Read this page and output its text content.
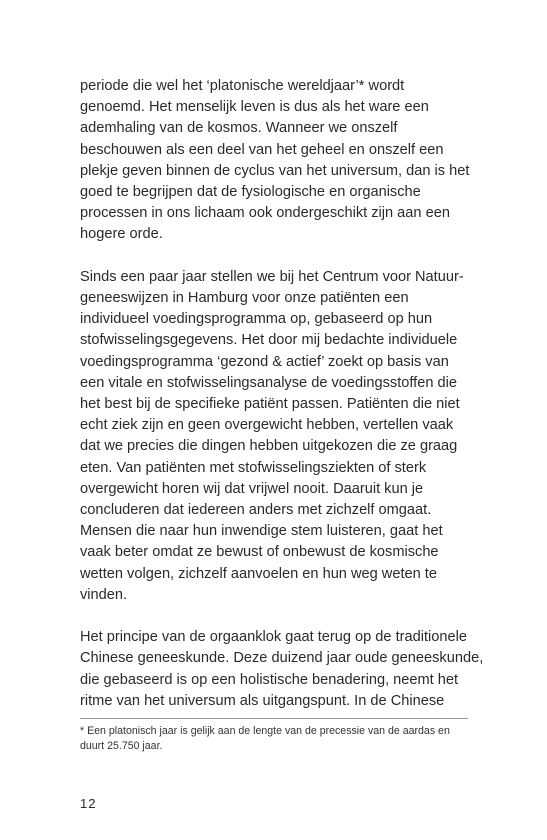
periode die wel het ‘platonische wereldjaar’* wordt
genoemd. Het menselijk leven is dus als het ware een
ademhaling van de kosmos. Wanneer we onszelf
beschouwen als een deel van het geheel en onszelf een
plekje geven binnen de cyclus van het universum, dan is het
goed te begrijpen dat de fysiologische en organische
processen in ons lichaam ook ondergeschikt zijn aan een
hogere orde.
Sinds een paar jaar stellen we bij het Centrum voor Natuur-
geneeswijzen in Hamburg voor onze patiënten een
individueel voedingsprogramma op, gebaseerd op hun
stofwisselingsgegevens. Het door mij bedachte individuele
voedingsprogramma ‘gezond & actief’ zoekt op basis van
een vitale en stofwisselingsanalyse de voedingsstoffen die
het best bij de specifieke patiënt passen. Patiënten die niet
echt ziek zijn en geen overgewicht hebben, vertellen vaak
dat we precies die dingen hebben uitgekozen die ze graag
eten. Van patiënten met stofwisselingsziekten of sterk
overgewicht horen wij dat vrijwel nooit. Daaruit kun je
concluderen dat iedereen anders met zichzelf omgaat.
Mensen die naar hun inwendige stem luisteren, gaat het
vaak beter omdat ze bewust of onbewust de kosmische
wetten volgen, zichzelf aanvoelen en hun weg weten te
vinden.
Het principe van de orgaanklok gaat terug op de traditionele
Chinese geneeskunde. Deze duizend jaar oude geneeskunde,
die gebaseerd is op een holistische benadering, neemt het
ritme van het universum als uitgangspunt. In de Chinese
* Een platonisch jaar is gelijk aan de lengte van de precessie van de aardas en
duurt 25.750 jaar.
12
